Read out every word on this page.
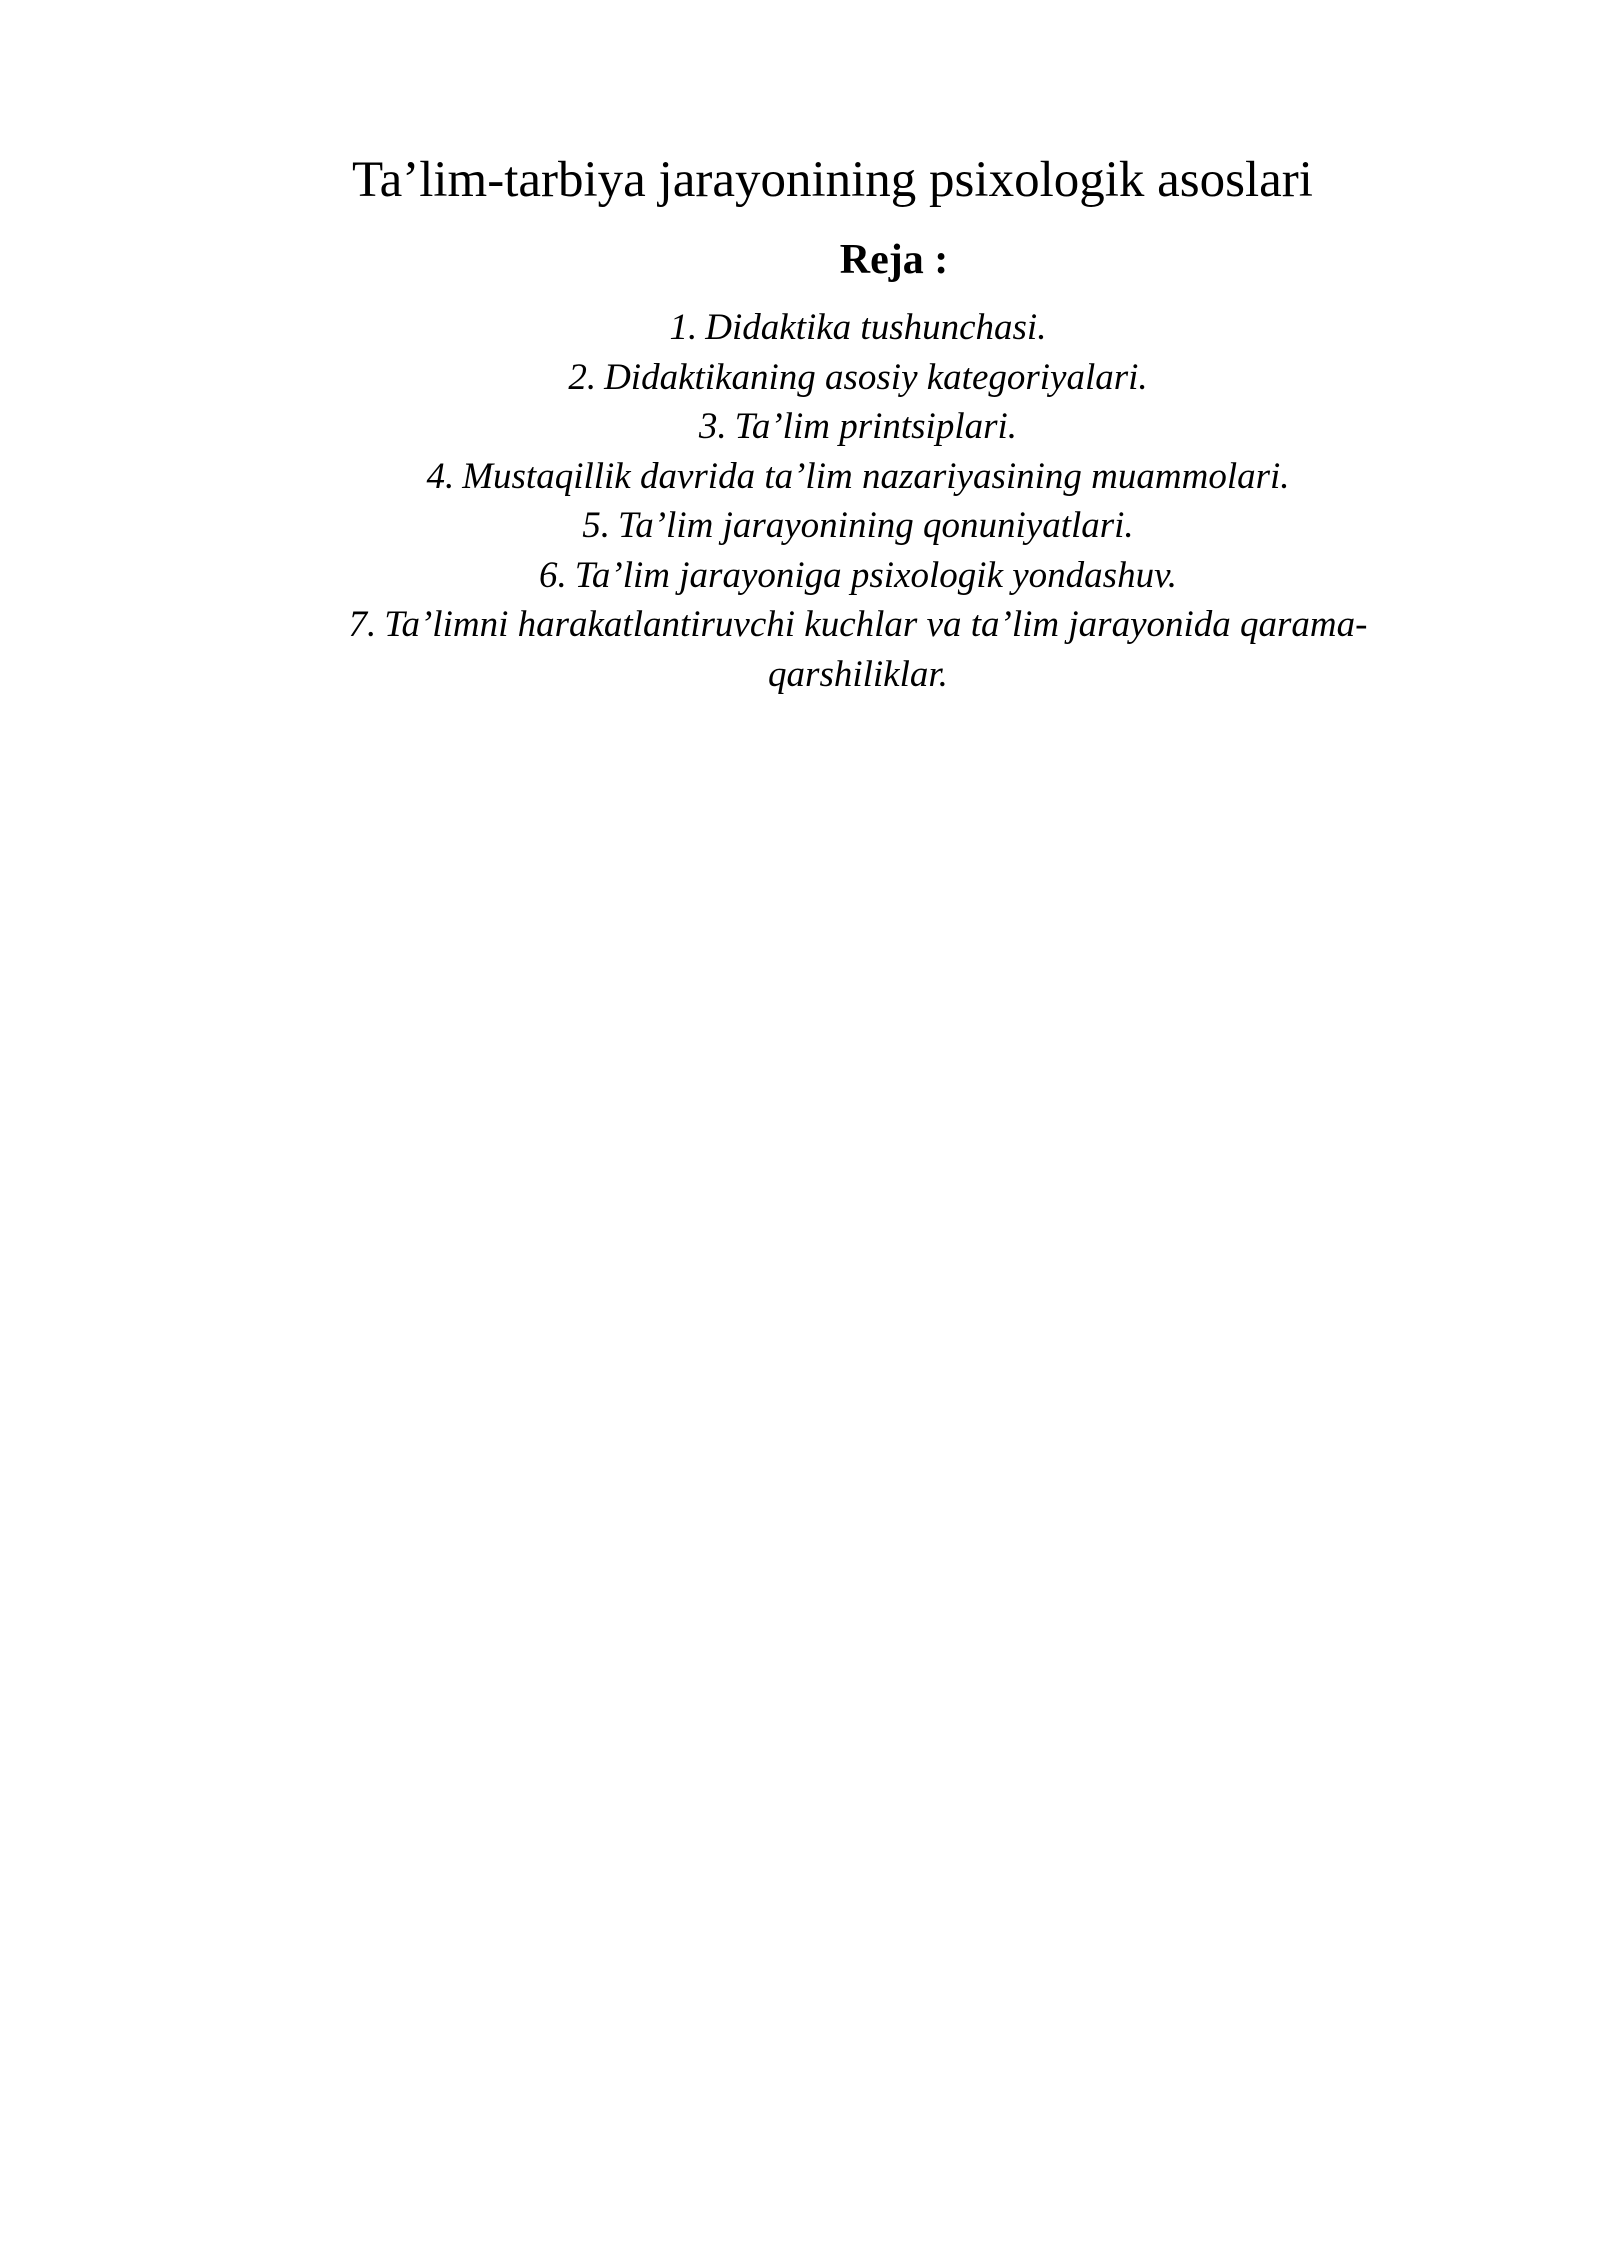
Ta’lim-tarbiya jarayonining psixologik asoslari
Reja :
1. Didaktika tushunchasi.
2. Didaktikaning asosiy kategoriyalari.
3. Ta’lim printsiplari.
4. Mustaqillik davrida ta’lim nazariyasining muammolari.
5. Ta’lim jarayonining qonuniyatlari.
6. Ta’lim jarayoniga psixologik yondashuv.
7. Ta’limni harakatlantiruvchi kuchlar va ta’lim jarayonida qarama-
qarshiliklar.
